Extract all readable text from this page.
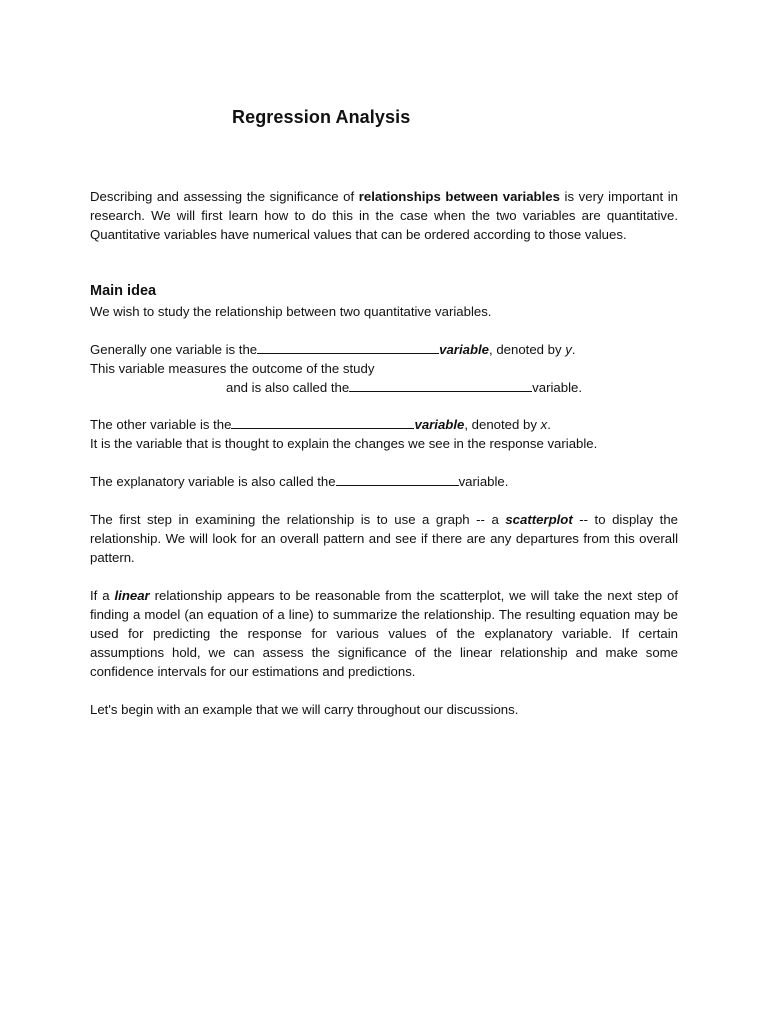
Regression Analysis
Describing and assessing the significance of relationships between variables is very important in research. We will first learn how to do this in the case when the two variables are quantitative. Quantitative variables have numerical values that can be ordered according to those values.
Main idea
We wish to study the relationship between two quantitative variables.
Generally one variable is the	variable, denoted by y.
This variable measures the outcome of the study
and is also called the	variable.
The other variable is the	variable, denoted by x.
It is the variable that is thought to explain the changes we see in the response variable.
The explanatory variable is also called the	variable.
The first step in examining the relationship is to use a graph -- a scatterplot -- to display the relationship. We will look for an overall pattern and see if there are any departures from this overall pattern.
If a linear relationship appears to be reasonable from the scatterplot, we will take the next step of finding a model (an equation of a line) to summarize the relationship. The resulting equation may be used for predicting the response for various values of the explanatory variable. If certain assumptions hold, we can assess the significance of the linear relationship and make some confidence intervals for our estimations and predictions.
Let's begin with an example that we will carry throughout our discussions.
